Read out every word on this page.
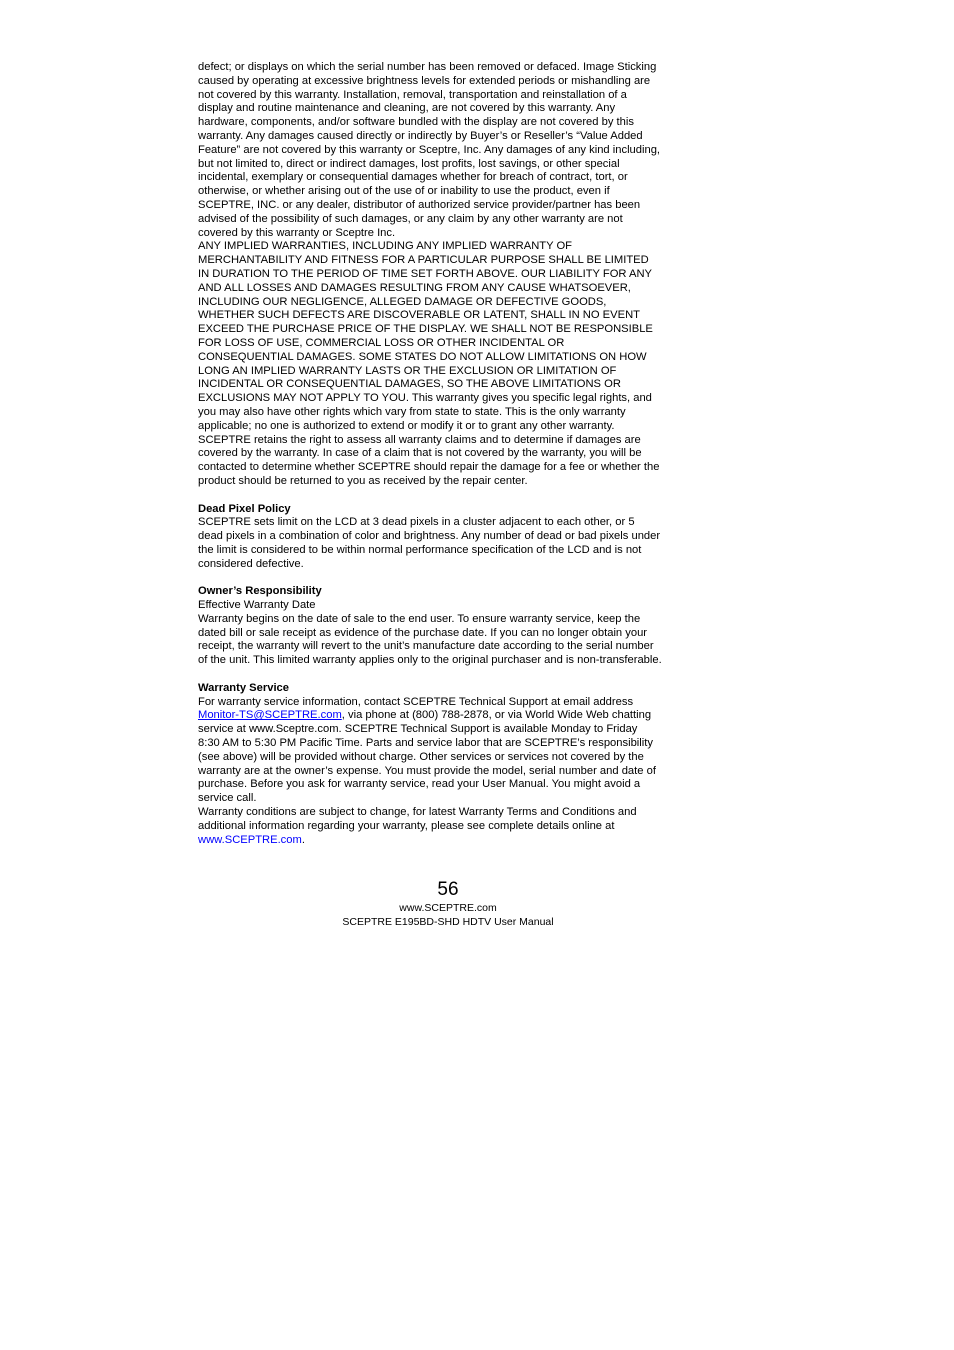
defect; or displays on which the serial number has been removed or defaced. Image Sticking
caused by operating at excessive brightness levels for extended periods or mishandling are
not covered by this warranty. Installation, removal, transportation and reinstallation of a
display and routine maintenance and cleaning, are not covered by this warranty. Any
hardware, components, and/or software bundled with the display are not covered by this
warranty. Any damages caused directly or indirectly by Buyer’s or Reseller’s “Value Added
Feature” are not covered by this warranty or Sceptre, Inc. Any damages of any kind including,
but not limited to, direct or indirect damages, lost profits, lost savings, or other special
incidental, exemplary or consequential damages whether for breach of contract, tort, or
otherwise, or whether arising out of the use of or inability to use the product, even if
SCEPTRE, INC. or any dealer, distributor of authorized service provider/partner has been
advised of the possibility of such damages, or any claim by any other warranty are not
covered by this warranty or Sceptre Inc.

ANY IMPLIED WARRANTIES, INCLUDING ANY IMPLIED WARRANTY OF
MERCHANTABILITY AND FITNESS FOR A PARTICULAR PURPOSE SHALL BE LIMITED
IN DURATION TO THE PERIOD OF TIME SET FORTH ABOVE. OUR LIABILITY FOR ANY
AND ALL LOSSES AND DAMAGES RESULTING FROM ANY CAUSE WHATSOEVER,
INCLUDING OUR NEGLIGENCE, ALLEGED DAMAGE OR DEFECTIVE GOODS,
WHETHER SUCH DEFECTS ARE DISCOVERABLE OR LATENT, SHALL IN NO EVENT
EXCEED THE PURCHASE PRICE OF THE DISPLAY. WE SHALL NOT BE RESPONSIBLE
FOR LOSS OF USE, COMMERCIAL LOSS OR OTHER INCIDENTAL OR
CONSEQUENTIAL DAMAGES. SOME STATES DO NOT ALLOW LIMITATIONS ON HOW
LONG AN IMPLIED WARRANTY LASTS OR THE EXCLUSION OR LIMITATION OF
INCIDENTAL OR CONSEQUENTIAL DAMAGES, SO THE ABOVE LIMITATIONS OR
EXCLUSIONS MAY NOT APPLY TO YOU. This warranty gives you specific legal rights, and
you may also have other rights which vary from state to state. This is the only warranty
applicable; no one is authorized to extend or modify it or to grant any other warranty.

SCEPTRE retains the right to assess all warranty claims and to determine if damages are
covered by the warranty. In case of a claim that is not covered by the warranty, you will be
contacted to determine whether SCEPTRE should repair the damage for a fee or whether the
product should be returned to you as received by the repair center.

Dead Pixel Policy

SCEPTRE sets limit on the LCD at 3 dead pixels in a cluster adjacent to each other, or 5
dead pixels in a combination of color and brightness. Any number of dead or bad pixels under
the limit is considered to be within normal performance specification of the LCD and is not
considered defective.

Owner’s Responsibility

Effective Warranty Date

Warranty begins on the date of sale to the end user. To ensure warranty service, keep the
dated bill or sale receipt as evidence of the purchase date. If you can no longer obtain your
receipt, the warranty will revert to the unit’s manufacture date according to the serial number
of the unit. This limited warranty applies only to the original purchaser and is non-transferable.

Warranty Service

For warranty service information, contact SCEPTRE Technical Support at email address

Monitor-TS@SCEPTRE.com, via phone at (800) 788-2878, or via World Wide Web chatting
service at www.Sceptre.com. SCEPTRE Technical Support is available Monday to Friday
8:30 AM to 5:30 PM Pacific Time. Parts and service labor that are SCEPTRE’s responsibility
(see above) will be provided without charge. Other services or services not covered by the
warranty are at the owner’s expense. You must provide the model, serial number and date of
purchase. Before you ask for warranty service, read your User Manual. You might avoid a
service call.

Warranty conditions are subject to change, for latest Warranty Terms and Conditions and
additional information regarding your warranty, please see complete details online at
www.SCEPTRE.com.

56
www.SCEPTRE.com
SCEPTRE E195BD-SHD HDTV User Manual
